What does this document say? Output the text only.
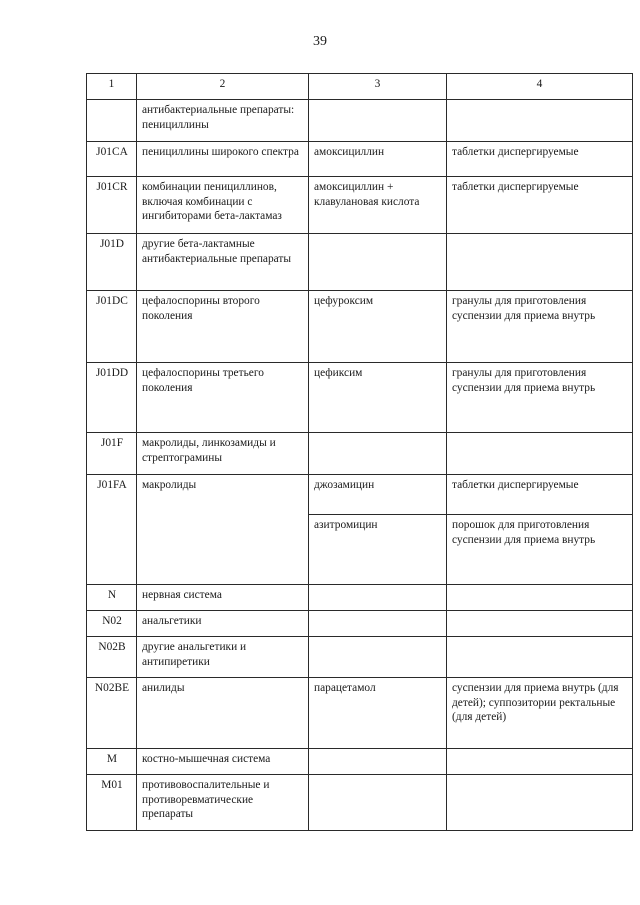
39
1	2	3	4
	антибактериальные препараты: пенициллины		
J01CA	пенициллины широкого спектра	амоксициллин	таблетки диспергируемые
J01CR	комбинации пенициллинов, включая комбинации с ингибиторами бета-лактамаз	амоксициллин + клавулановая кислота	таблетки диспергируемые
J01D	другие бета-лактамные антибактериальные препараты		
J01DC	цефалоспорины второго поколения	цефуроксим	гранулы для приготовления суспензии для приема внутрь
J01DD	цефалоспорины третьего поколения	цефиксим	гранулы для приготовления суспензии для приема внутрь
J01F	макролиды, линкозамиды и стрептограмины		
J01FA	макролиды	джозамицин	таблетки диспергируемые
		азитромицин	порошок для приготовления суспензии для приема внутрь
N	нервная система		
N02	анальгетики		
N02B	другие анальгетики и антипиретики		
N02BE	анилиды	парацетамол	суспензии для приема внутрь (для детей); суппозитории ректальные (для детей)
M	костно-мышечная система		
M01	противовоспалительные и противоревматические препараты		
